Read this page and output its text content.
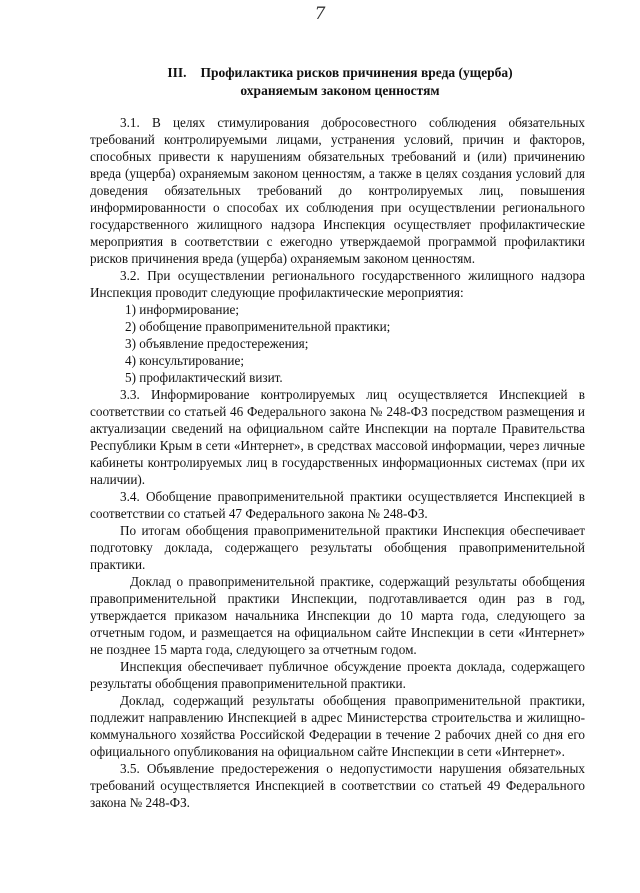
7
III. Профилактика рисков причинения вреда (ущерба)
охраняемым законом ценностям

3.1. В целях стимулирования добросовестного соблюдения обязательных требований контролируемыми лицами, устранения условий, причин и факторов, способных привести к нарушениям обязательных требований и (или) причинению вреда (ущерба) охраняемым законом ценностям, а также в целях создания условий для доведения обязательных требований до контролируемых лиц, повышения информированности о способах их соблюдения при осуществлении регионального государственного жилищного надзора Инспекция осуществляет профилактические мероприятия в соответствии с ежегодно утверждаемой программой профилактики рисков причинения вреда (ущерба) охраняемым законом ценностям.

3.2. При осуществлении регионального государственного жилищного надзора Инспекция проводит следующие профилактические мероприятия:

1) информирование;

2) обобщение правоприменительной практики;

3) объявление предостережения;

4) консультирование;

5) профилактический визит.

3.3. Информирование контролируемых лиц осуществляется Инспекцией в соответствии со статьей 46 Федерального закона № 248-ФЗ посредством размещения и актуализации сведений на официальном сайте Инспекции на портале Правительства Республики Крым в сети «Интернет», в средствах массовой информации, через личные кабинеты контролируемых лиц в государственных информационных системах (при их наличии).

3.4. Обобщение правоприменительной практики осуществляется Инспекцией в соответствии со статьей 47 Федерального закона № 248-ФЗ.

По итогам обобщения правоприменительной практики Инспекция обеспечивает подготовку доклада, содержащего результаты обобщения правоприменительной практики.

Доклад о правоприменительной практике, содержащий результаты обобщения правоприменительной практики Инспекции, подготавливается один раз в год, утверждается приказом начальника Инспекции до 10 марта года, следующего за отчетным годом, и размещается на официальном сайте Инспекции в сети «Интернет» не позднее 15 марта года, следующего за отчетным годом.

Инспекция обеспечивает публичное обсуждение проекта доклада, содержащего результаты обобщения правоприменительной практики.

Доклад, содержащий результаты обобщения правоприменительной практики, подлежит направлению Инспекцией в адрес Министерства строительства и жилищно-коммунального хозяйства Российской Федерации в течение 2 рабочих дней со дня его официального опубликования на официальном сайте Инспекции в сети «Интернет».

3.5. Объявление предостережения о недопустимости нарушения обязательных требований осуществляется Инспекцией в соответствии со статьей 49 Федерального закона № 248-ФЗ.
